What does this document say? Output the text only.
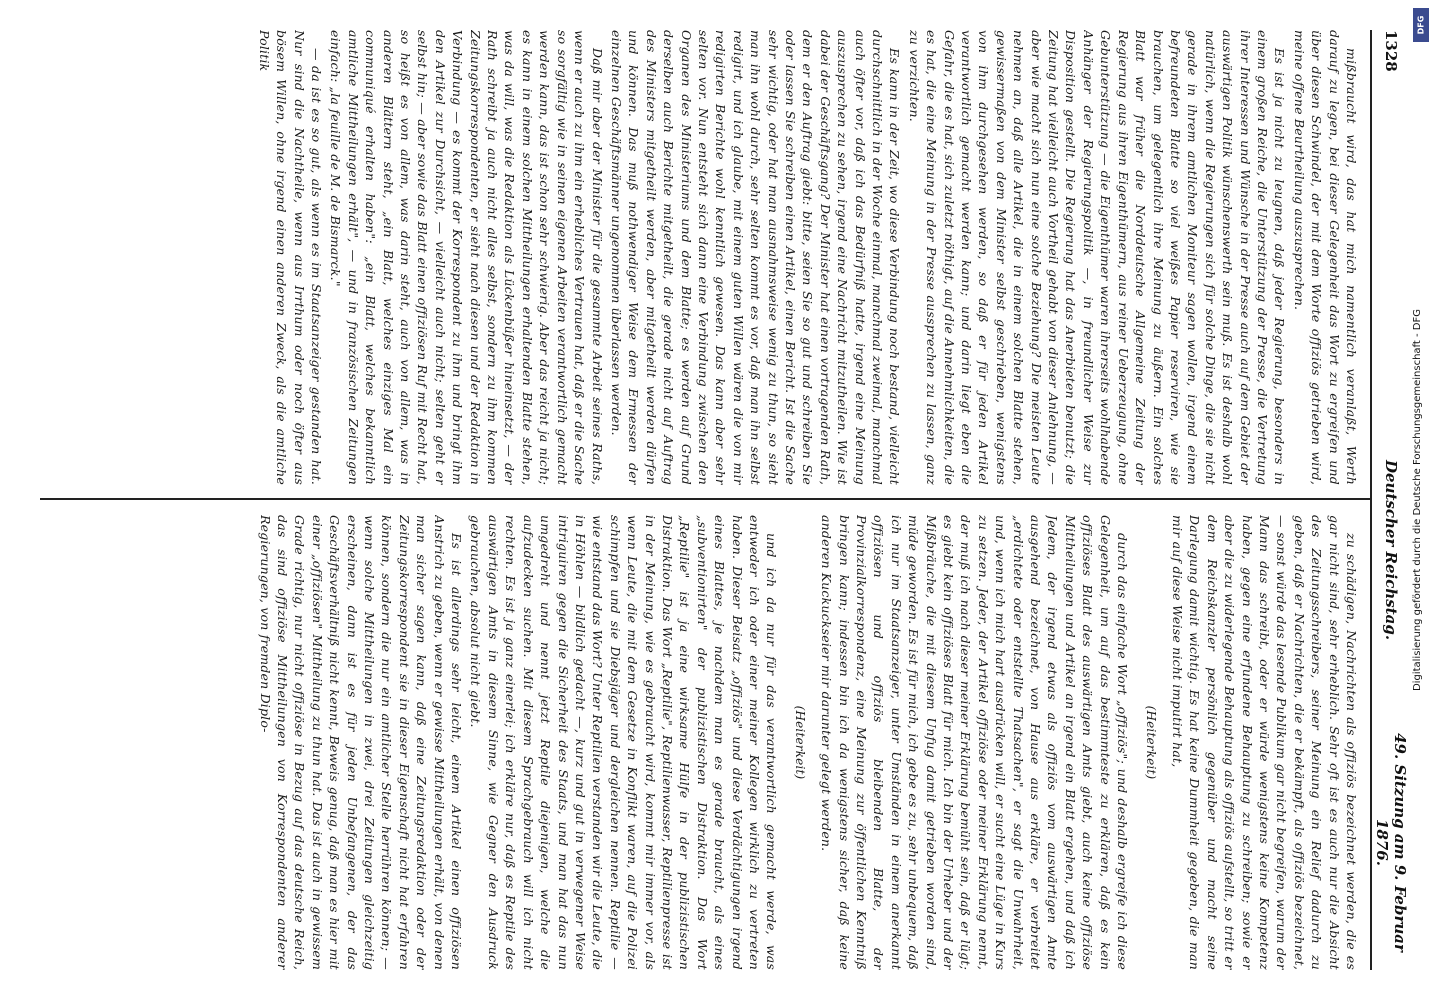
1328
Deutscher Reichstag.
49. Sitzung am 9. Februar 1876.

mißbraucht wird, das hat mich namentlich veranlaßt, Werth darauf zu legen, bei dieser Gelegenheit das Wort zu ergreifen und über diesen Schwindel, der mit dem Worte offiziös getrieben wird, meine offene Beurtheilung auszusprechen.

Es ist ja nicht zu leugnen, daß jeder Regierung, besonders in einem großen Reiche, die Unterstützung der Presse, die Vertretung ihrer Interessen und Wünsche in der Presse auch auf dem Gebiet der auswärtigen Politik wünschenswerth sein muß. Es ist deshalb wohl natürlich, wenn die Regierungen sich für solche Dinge, die sie nicht gerade in ihrem amtlichen Moniteur sagen wollen, irgend einem befreundeten Blatte so viel weißes Papier reserviren, wie sie brauchen, um gelegentlich ihre Meinung zu äußern. Ein solches Blatt war früher die Norddeutsche Allgemeine Zeitung der Regierung aus ihren Eigenthümern, aus reiner Ueberzeugung, ohne Gebunterstützung — die Eigenthümer waren ihrerseits wohlhabende Anhänger der Regierungspolitik —, in freundlicher Weise zur Disposition gestellt. Die Regierung hat das Anerbieten benutzt; die Zeitung hat vielleicht auch Vortheil gehabt von dieser Anlehnung, — aber wie macht sich nun eine solche Beziehung? Die meisten Leute nehmen an, daß alle Artikel, die in einem solchen Blatte stehen, gewissermaßen von dem Minister selbst geschrieben, wenigstens von ihm durchgesehen werden, so daß er für jeden Artikel verantwortlich gemacht werden kann; und darin liegt eben die Gefahr, die es hat, sich zuletzt nöthigt, auf die Annehmlichkeiten, die es hat, die eine Meinung in der Presse aussprechen zu lassen, ganz zu verzichten.

Es kann in der Zeit, wo diese Verbindung noch bestand, vielleicht durchschnittlich in der Woche einmal, manchmal zweimal, manchmal auch öfter vor, daß ich das Bedürfniß hatte, irgend eine Meinung auszusprechen zu sehen, irgend eine Nachricht mitzutheilen. Wie ist dabei der Geschäftsgang? Der Minister hat einen vortragenden Rath, dem er den Auftrag giebt: bitte, seien Sie so gut und schreiben Sie oder lassen Sie schreiben einen Artikel, einen Bericht. Ist die Sache sehr wichtig, oder hat man ausnahmsweise wenig zu thun, so sieht man ihn wohl durch, sehr selten kommt es vor, daß man ihn selbst redigirt, und ich glaube, mit einem guten Willen wären die von mir redigirten Berichte wohl kenntlich gewesen. Das kann aber sehr selten vor. Nun entsteht sich dann eine Verbindung zwischen den Organen des Ministeriums und dem Blatte; es werden auf Grund derselben auch Berichte mitgetheilt, die gerade nicht auf Auftrag des Ministers mitgetheilt werden, aber mitgetheilt werden dürfen und können. Das muß nothwendiger Weise dem Ermessen der einzelnen Geschäftsmänner ungenommen überlassen werden.

Daß mir aber der Minister für die gesammte Arbeit seines Raths, wenn er auch zu ihm ein erhebliches Vertrauen hat, daß er die Sache so sorgfältig wie in seinen eigenen Arbeiten verantwortlich gemacht werden kann, das ist schon sehr schwierig. Aber das reicht ja nicht; es kann in einem solchen Mittheilungen erhaltenden Blatte stehen, was da will, was die Redaktion als Lückenbüßer hineinsetzt, — der Rath schreibt ja auch nicht alles selbst, sondern zu ihm kommen Zeitungskorrespondenten, er sieht nach diesen und der Redaktion in Verbindung — es kommt der Korrespondent zu ihm und bringt ihm den Artikel zur Durchsicht, — vielleicht auch nicht; selten geht er selbst hin; — aber sowie das Blatt einen offiziösen Ruf mit Recht hat, so heißt es von allem, was darin steht, auch von allem, was in anderen Blättern steht, „ein Blatt, welches einziges Mal ein communiqué erhalten haben": „ein Blatt, welches bekanntlich amtliche Mittheilungen erhält", — und in französischen Zeitungen einfach: „la feuille de M. de Bismarck."

— da ist es so gut, als wenn es im Staatsanzeiger gestanden hat. Nur sind die Nachtheile, wenn aus Irrthum oder noch öfter aus bösem Willen, ohne irgend einen anderen Zweck, als die amtliche Politik

zu schädigen, Nachrichten als offiziös bezeichnet werden, die es gar nicht sind, sehr erheblich. Sehr oft ist es auch nur die Absicht des Zeitungsschreibers, seiner Meinung ein Relief dadurch zu geben, daß er Nachrichten, die er bekämpft, als offiziös bezeichnet, — sonst würde das lesende Publikum gar nicht begreifen, warum der Mann das schreibt, oder er würde wenigstens keine Kompetenz haben, gegen eine erfundene Behauptung zu schreiben; sowie er aber die zu widerlegende Behauptung als offiziös aufstellt, so tritt er dem Reichskanzler persönlich gegenüber und macht seine Darlegung damit wichtig. Es hat keine Dummheit gegeben, die man mir auf diese Weise nicht imputirt hat,

(Heiterkeit)

durch das einfache Wort „offiziös"; und deshalb ergreife ich diese Gelegenheit, um auf das bestimmteste zu erklären, daß es kein offiziöses Blatt des auswärtigen Amts giebt, auch keine offiziöse Mittheilungen und Artikel an irgend ein Blatt ergehen, und daß ich Jedem, der irgend etwas als offiziös vom auswärtigen Amte ausgehend bezeichnet, von Hause aus erkläre, er verbreitet „erdichtete oder entstellte Thatsachen", er sagt die Unwahrheit, und, wenn ich mich hart ausdrücken will, er sucht eine Lüge in Kurs zu setzen. Jeder, der Artikel offiziöse oder meiner Erklärung nennt, der muß ich nach dieser meiner Erklärung bemüht sein, daß er lügt; es giebt kein offiziöses Blatt für mich. Ich bin der Urheber und der Mißbräuche, die mit diesem Unfug damit getrieben worden sind, müde geworden. Es ist für mich, ich gebe es zu, sehr unbequem, daß ich nur im Staatsanzeiger, unter Umständen in einem anerkannt offiziösen und offiziös bleibenden Blatte, der Provinzialkorrespondenz, eine Meinung zur öffentlichen Kenntniß bringen kann; indessen bin ich da wenigstens sicher, daß keine anderen Kuckuckseier mir darunter gelegt werden.

(Heiterkeit)

und ich da nur für das verantwortlich gemacht werde, was entweder ich oder einer meiner Kollegen wirklich zu vertreten haben. Dieser Beisatz „offiziös" und diese Verdächtigungen irgend eines Blattes, je nachdem man es gerade braucht, als eines „subventionirten" der publizistischen Distraktion. Das Wort „Reptilie" ist ja eine wirksame Hülfe in der publizistischen Distraktion. Das Wort „Reptilie", Reptilienwasser, Reptilienpresse ist in der Meinung, wie es gebraucht wird, kommt mir immer vor, als wenn Leute, die mit dem Gesetze in Konflikt waren, auf die Polizei schimpfen und sie Diebsjäger und dergleichen nennen. Reptilie — wie entstand das Wort? Unter Reptilien verstanden wir die Leute, die in Höhlen — bildlich gedacht —, kurz und gut in verwegener Weise intriguiren gegen die Sicherheit des Staats, und man hat das nun umgedreht und nennt jetzt Reptile diejenigen, welche die aufzudecken suchen. Mit diesem Sprachgebrauch will ich nicht rechten. Es ist ja ganz einerlei; ich erkläre nur, daß es Reptile des auswärtigen Amts in diesem Sinne, wie Gegner den Ausdruck gebrauchen, absolut nicht giebt.

Es ist allerdings sehr leicht, einem Artikel einen offiziösen Anstrich zu geben, wenn er gewisse Mittheilungen erhält, von denen man sicher sagen kann, daß eine Zeitungsredaktion oder der Zeitungskorrespondent sie in dieser Eigenschaft nicht hat erfahren können, sondern die nur ein amtlicher Stelle herrühren können; — wenn solche Mittheilungen in zwei, drei Zeitungen gleichzeitig erscheinen, dann ist es für jeden Unbefangenen, der das Geschäftsverhältniß nicht kennt, Beweis genug, daß man es hier mit einer „offiziösen" Mittheilung zu thun hat. Das ist auch in gewissem Grade richtig, nur nicht offiziöse in Bezug auf das deutsche Reich, das sind offiziöse Mittheilungen von Korrespondenten anderer Regierungen, von fremden Diplo-

DFG
Digitalisierung gefördert durch die Deutsche Forschungsgemeinschaft - DFG
